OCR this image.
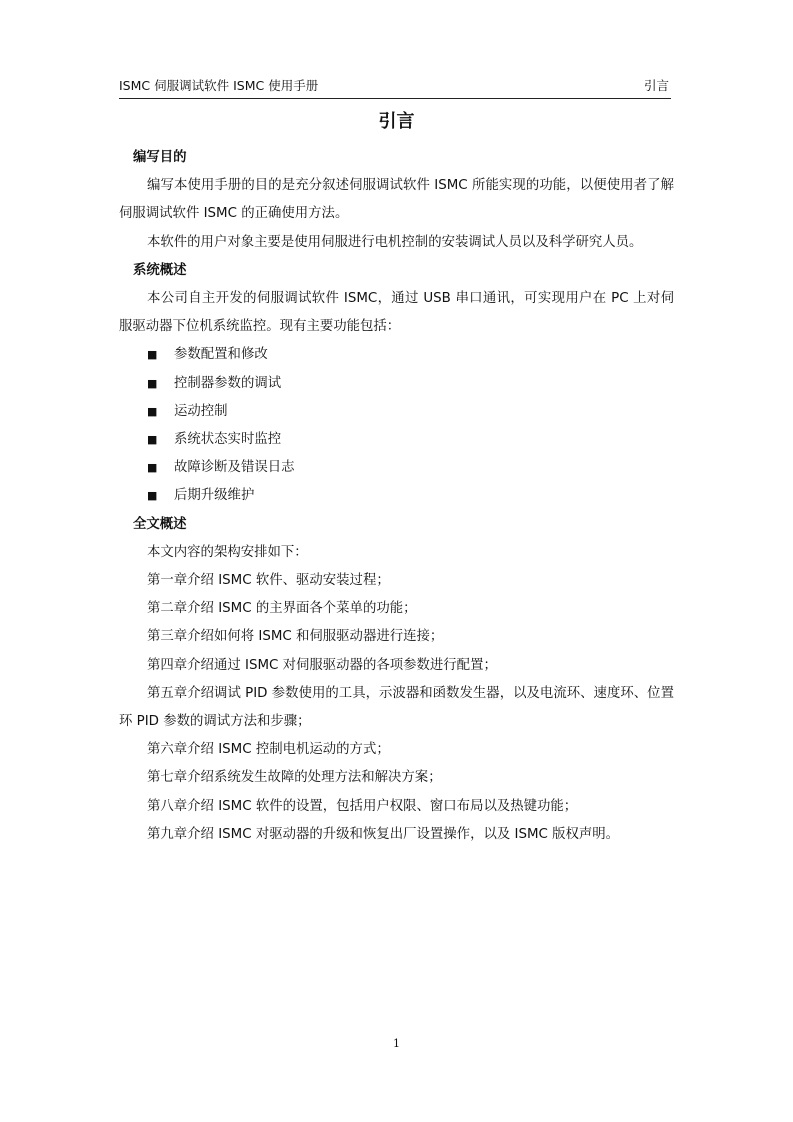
ISMC 伺服调试软件 ISMC 使用手册	引言
引言
编写目的
编写本使用手册的目的是充分叙述伺服调试软件 ISMC 所能实现的功能，以便使用者了解伺服调试软件 ISMC 的正确使用方法。
本软件的用户对象主要是使用伺服进行电机控制的安装调试人员以及科学研究人员。
系统概述
本公司自主开发的伺服调试软件 ISMC，通过 USB 串口通讯，可实现用户在 PC 上对伺服驱动器下位机系统监控。现有主要功能包括：
■ 参数配置和修改
■ 控制器参数的调试
■ 运动控制
■ 系统状态实时监控
■ 故障诊断及错误日志
■ 后期升级维护
全文概述
本文内容的架构安排如下：
第一章介绍 ISMC 软件、驱动安装过程；
第二章介绍 ISMC 的主界面各个菜单的功能；
第三章介绍如何将 ISMC 和伺服驱动器进行连接；
第四章介绍通过 ISMC 对伺服驱动器的各项参数进行配置；
第五章介绍调试 PID 参数使用的工具，示波器和函数发生器，以及电流环、速度环、位置环 PID 参数的调试方法和步骤；
第六章介绍 ISMC 控制电机运动的方式；
第七章介绍系统发生故障的处理方法和解决方案；
第八章介绍 ISMC 软件的设置，包括用户权限、窗口布局以及热键功能；
第九章介绍 ISMC 对驱动器的升级和恢复出厂设置操作，以及 ISMC 版权声明。
1
